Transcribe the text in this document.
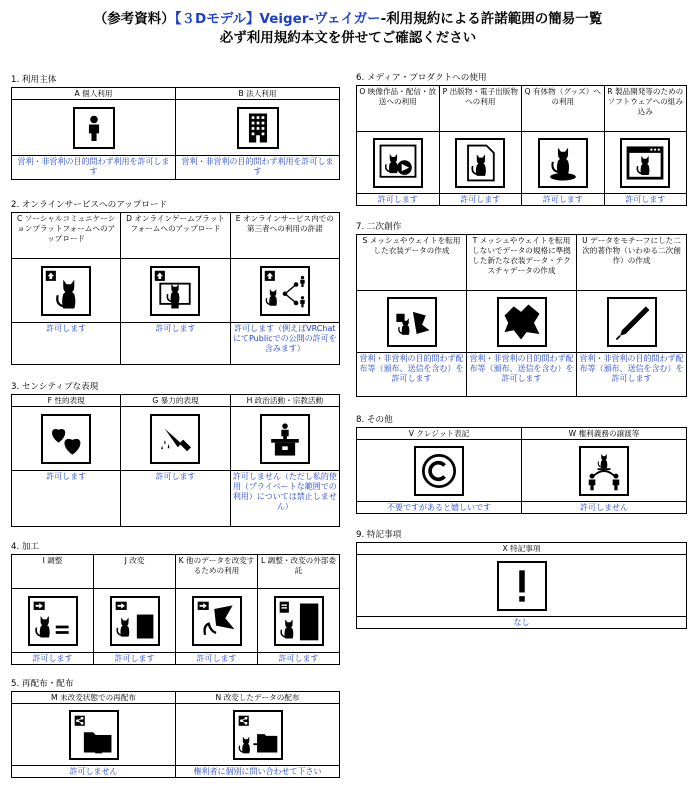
（参考資料）【３Dモデル】Veiger-ヴェイガー-利用規約による許諾範囲の簡易一覧
必ず利用規約本文を併せてご確認ください
1. 利用主体
A 個人利用	B 法人利用

営利・非営利の目的問わず利用を許可します	営利・非営利の目的問わず利用を許可します
2. オンラインサービスへのアップロード
C ソーシャルコミュニケーションプラットフォームへのアップロード	D オンラインゲームプラットフォームへのアップロード	E オンラインサービス内での第三者への利用の許諾

許可します	許可します	許可します（例えばVRChatにてPublicでの公開の許可を含みます）
3. センシティブな表現
F 性的表現	G 暴力的表現	H 政治活動・宗教活動

許可します	許可します	許可しません（ただし私的使用（プライベートな範囲での利用）については禁止しません）
4. 加工
I 調整	J 改変	K 他のデータを改変するための利用	L 調整・改変の外部委託

許可します	許可します	許可します	許可します
5. 再配布・配布
M 未改変状態での再配布	N 改変したデータの配布

許可しません	権利者に個別に問い合わせて下さい
6. メディア・プロダクトへの使用
O 映像作品・配信・放送への利用	P 出版物・電子出版物への利用	Q 有体物（グッズ）への利用	R 製品開発等のためのソフトウェアへの組み込み

許可します	許可します	許可します	許可します
7. 二次創作
S メッシュやウェイトを転用した衣装データの作成	T メッシュやウェイトを転用しないでデータの規格に準拠した新たな衣装データ・テクスチャデータの作成	U データをモチーフにした二次的著作物（いわゆる二次創作）の作成

営利・非営利の目的問わず配布等（頒布、送信を含む）を許可します	営利・非営利の目的問わず配布等（頒布、送信を含む）を許可します	営利・非営利の目的問わず配布等（頒布、送信を含む）を許可します
8. その他
V クレジット表記	W 権利義務の譲渡等

不要ですがあると嬉しいです	許可しません
9. 特記事項
X 特記事項

なし
